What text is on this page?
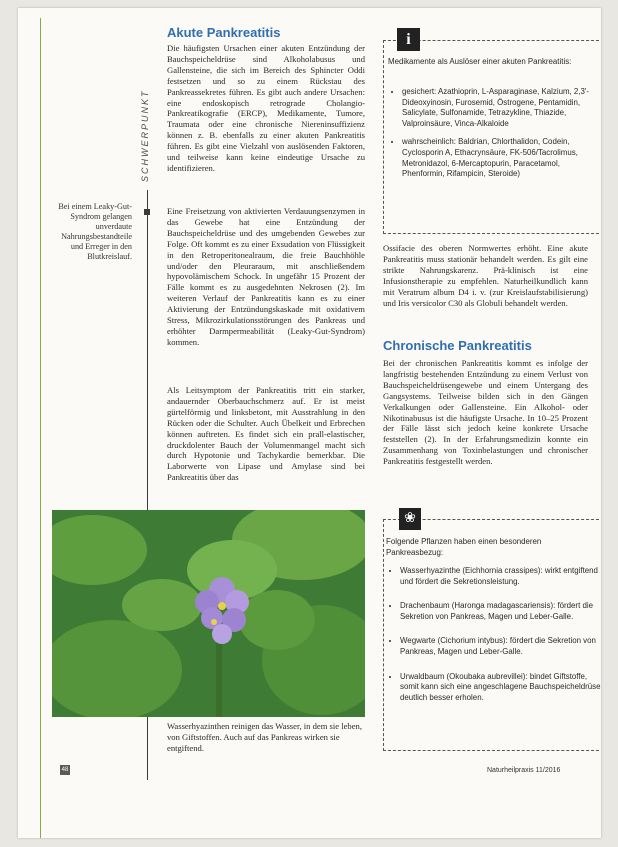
SCHWERPUNKT
Akute Pankreatitis
Die häufigsten Ursachen einer akuten Entzündung der Bauchspeicheldrüse sind Alkoholabusus und Gallensteine, die sich im Bereich des Sphincter Oddi festsetzen und so zu einem Rückstau des Pankreassekretes führen. Es gibt auch andere Ursachen: eine endoskopisch retrograde Cholangio-Pankreatikografie (ERCP), Medikamente, Tumore, Traumata oder eine chronische Niereninsuffizienz können z. B. ebenfalls zu einer akuten Pankreatitis führen. Es gibt eine Vielzahl von auslösenden Faktoren, und teilweise kann keine eindeutige Ursache zu identifizieren.
Bei einem Leaky-Gut-Syndrom gelangen unverdaute Nahrungsbestandteile und Erreger in den Blutkreislauf.
Eine Freisetzung von aktivierten Verdauungsenzymen in das Gewebe hat eine Entzündung der Bauchspeicheldrüse und des umgebenden Gewebes zur Folge. Oft kommt es zu einer Exsudation von Flüssigkeit in den Retroperitonealraum, die freie Bauchhöhle und/oder den Pleuraraum, mit anschließendem hypovolämischem Schock. In ungefähr 15 Prozent der Fälle kommt es zu ausgedehnten Nekrosen (2). Im weiteren Verlauf der Pankreatitis kann es zu einer Aktivierung der Entzündungskaskade mit oxidativem Stress, Mikrozirkulationsstörungen des Pankreas und erhöhter Darmpermeabilität (Leaky-Gut-Syndrom) kommen.
Als Leitsymptom der Pankreatitis tritt ein starker, andauernder Oberbauchschmerz auf. Er ist meist gürtelförmig und linksbetont, mit Ausstrahlung in den Rücken oder die Schulter. Auch Übelkeit und Erbrechen können auftreten. Es findet sich ein prall-elastischer, druckdolenter Bauch der Volumenmangel macht sich durch Hypotonie und Tachykardie bemerkbar. Die Laborwerte von Lipase und Amylase sind bei Pankreatitis über das
Wasserhyazinthen reinigen das Wasser, in dem sie leben, von Giftstoffen. Auch auf das Pankreas wirken sie entgiftend.
48
i
Medikamente als Auslöser einer akuten Pankreatitis:
• gesichert: Azathioprin, L-Asparaginase, Kalzium, 2,3'-Dideoxyinosin, Furosemid, Östrogene, Pentamidin, Salicylate, Sulfonamide, Tetrazykline, Thiazide, Valproinsäure, Vinca-Alkaloide
• wahrscheinlich: Baldrian, Chlorthalidon, Codein, Cyclosporin A, Ethacrynsäure, FK-506/Tacrolimus, Metronidazol, 6-Mercaptopurin, Paracetamol, Phenformin, Rifampicin, Steroide)
Ossifacie des oberen Normwertes erhöht. Eine akute Pankreatitis muss stationär behandelt werden. Es gilt eine strikte Nahrungskarenz. Prä-klinisch ist eine Infusionstherapie zu empfehlen. Naturheilkundlich kann mit Veratrum album D4 i. v. (zur Kreislaufstabilisierung) und Iris versicolor C30 als Globuli behandelt werden.
Chronische Pankreatitis
Bei der chronischen Pankreatitis kommt es infolge der langfristig bestehenden Entzündung zu einem Verlust von Bauchspeicheldrüsengewebe und einem Untergang des Gangsystems. Teilweise bilden sich in den Gängen Verkalkungen oder Gallensteine. Ein Alkohol- oder Nikotinabusus ist die häufigste Ursache. In 10–25 Prozent der Fälle lässt sich jedoch keine konkrete Ursache feststellen (2). In der Erfahrungsmedizin konnte ein Zusammenhang von Toxinbelastungen und chronischer Pankreatitis festgestellt werden.
❀
Folgende Pflanzen haben einen besonderen Pankreasbezug:
• Wasserhyazinthe (Eichhornia crassipes): wirkt entgiftend und fördert die Sekretionsleistung.
• Drachenbaum (Haronga madagascariensis): fördert die Sekretion von Pankreas, Magen und Leber-Galle.
• Wegwarte (Cichorium intybus): fördert die Sekretion von Pankreas, Magen und Leber-Galle.
• Urwaldbaum (Okoubaka aubrevillei): bindet Giftstoffe, somit kann sich eine angeschlagene Bauchspeicheldrüse deutlich besser erholen.
Naturheilpraxis 11/2016
